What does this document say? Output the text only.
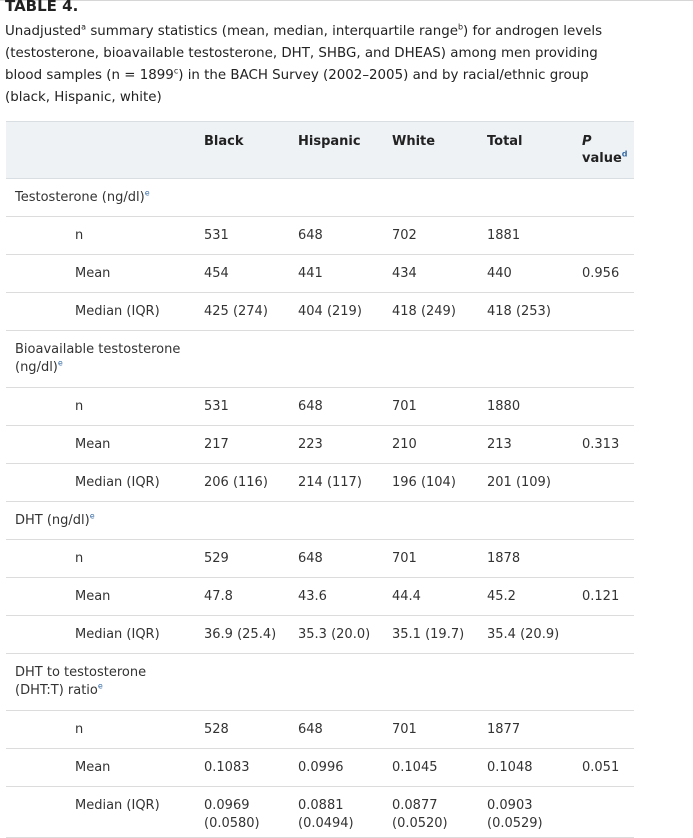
TABLE 4.

Unadjusted$^a$ summary statistics (mean, median, interquartile range$^b$) for androgen levels (testosterone, bioavailable testosterone, DHT, SHBG, and DHEAS) among men providing blood samples $(n = 1899^c)$ in the BACH Survey (2002–2005) and by racial/ethnic group (black, Hispanic, white)

	Black	Hispanic	White	Total	P
value$^d$
Testosterone $(ng/dl)^e$					
n	531	648	702	1881	
Mean	454	441	434	440	0.956
Median (IQR)	425 (274)	404 (219)	418 (249)	418 (253)	
Bioavailable testosterone $(ng/dl)^e$					
n	531	648	701	1880	
Mean	217	223	210	213	0.313
Median (IQR)	206 (116)	214 (117)	196 (104)	201 (109)	
DHT $(ng/dl)^e$					
n	529	648	701	1878	
Mean	47.8	43.6	44.4	45.2	0.121
Median (IQR)	36.9 (25.4)	35.3 (20.0)	35.1 (19.7)	35.4 (20.9)	
DHT to testosterone (DHT:T) ratio$^e$					
n	528	648	701	1877	
Mean	0.1083	0.0996	0.1045	0.1048	0.051
Median (IQR)	0.0969 (0.0580)	0.0881 (0.0494)	0.0877 (0.0520)	0.0903 (0.0529)	
